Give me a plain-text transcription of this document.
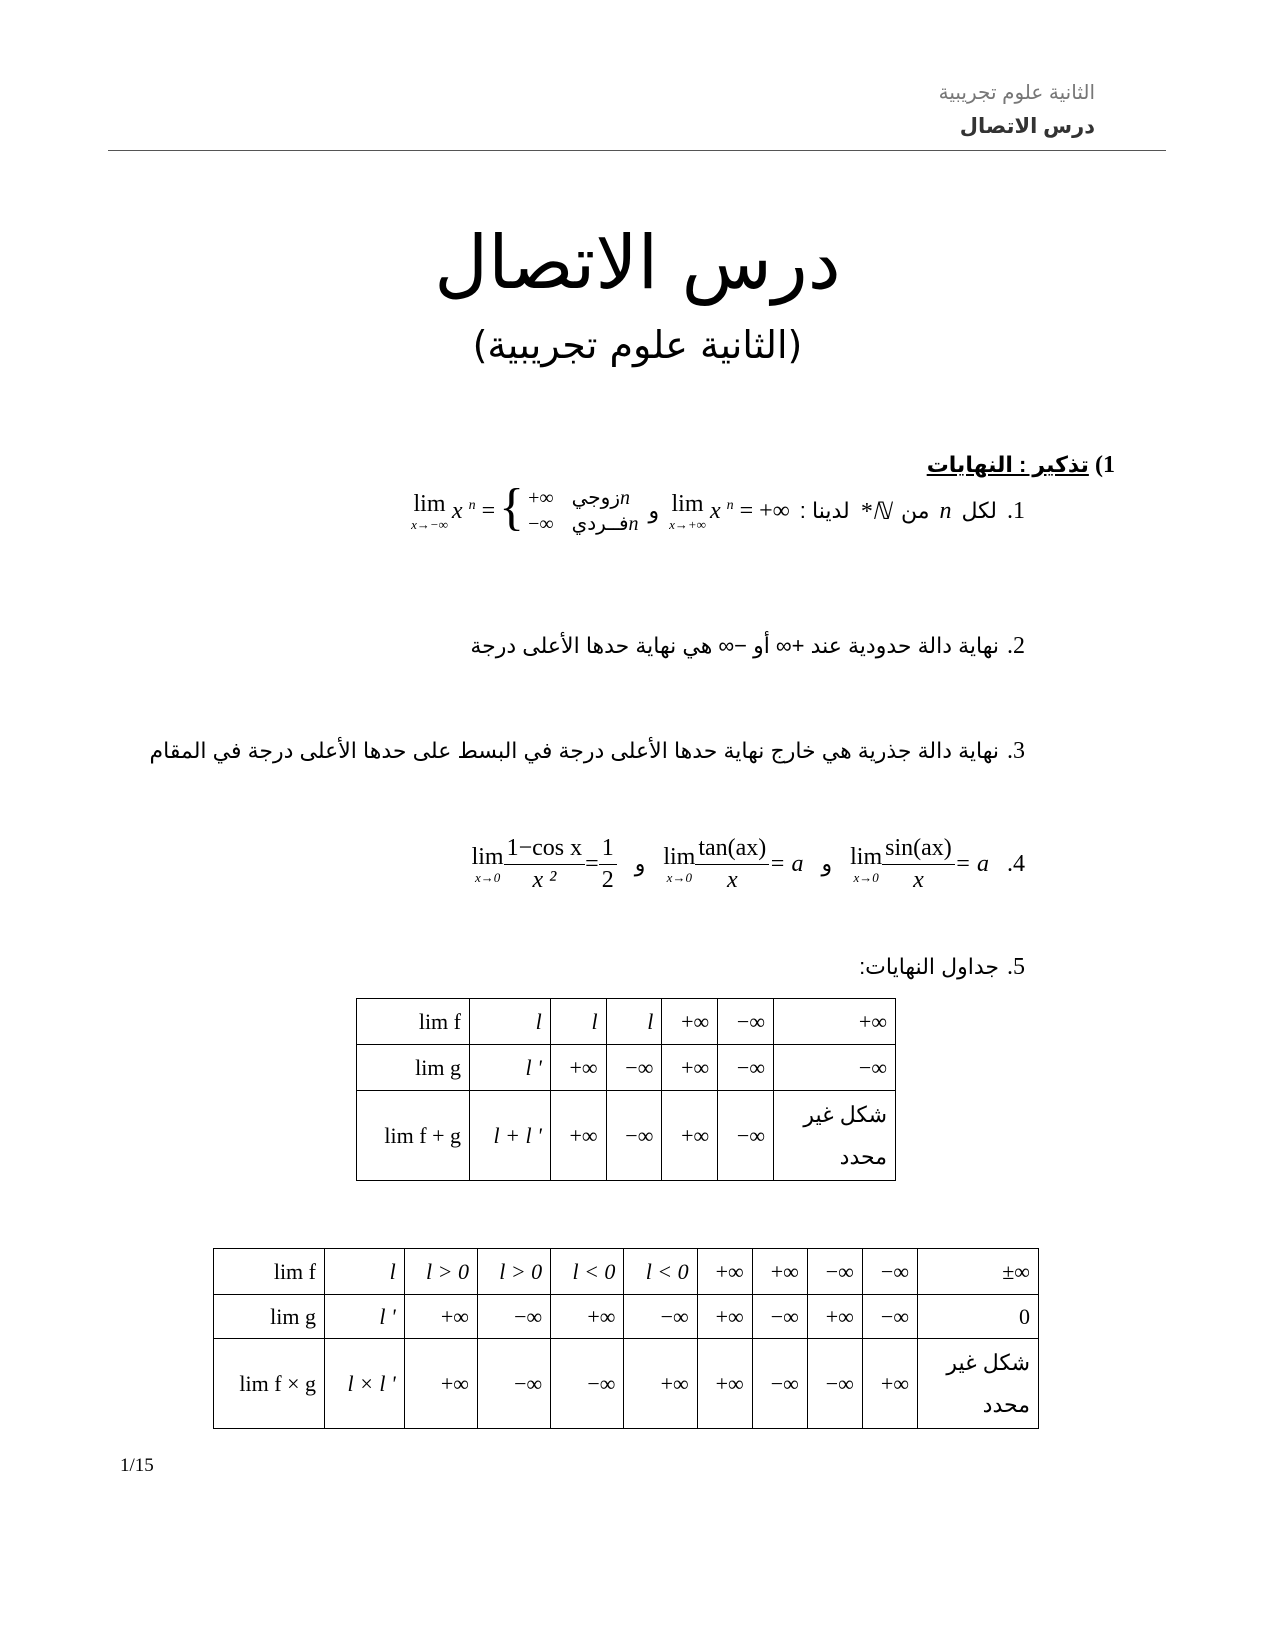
الثانية علوم تجريبية
درس الاتصال
درس الاتصال
(الثانية علوم تجريبية)
1) تذكير : النهايات
1.
لكل
n
من
ℕ*
لدينا :
lim
x→+∞
x $^n$ = +∞
و
lim
x→−∞
x $^n$ = { +∞	nزوجي
−∞	nفــردي
2.
نهاية دالة حدودية عند +∞ أو −∞ هي نهاية حدها الأعلى درجة
3.
نهاية دالة جذرية هي خارج نهاية حدها الأعلى درجة في البسط على حدها الأعلى درجة في المقام
4.
lim
$x\to 0 \frac{\sin(ax)}{x} = a$
و
lim
$x\to 0 \frac{\tan(ax)}{x} = a$
و
lim
$x\to 0 \frac{\text{1−cos x}}{\text{x ²}} = \frac{1}{2}$
5.
جداول النهايات:
lim f	l	l	l	+∞	−∞	+∞
lim g	l '	+∞	−∞	+∞	−∞	−∞
lim f + g	l + l '	+∞	−∞	+∞	−∞	شكل غير محدد
lim f	l	l > 0	l > 0	l < 0	l < 0	+∞	+∞	−∞	−∞	±∞
lim g	l '	+∞	−∞	+∞	−∞	+∞	−∞	+∞	−∞	0
lim f × g	l × l '	+∞	−∞	−∞	+∞	+∞	−∞	−∞	+∞	شكل غير محدد
1/15
